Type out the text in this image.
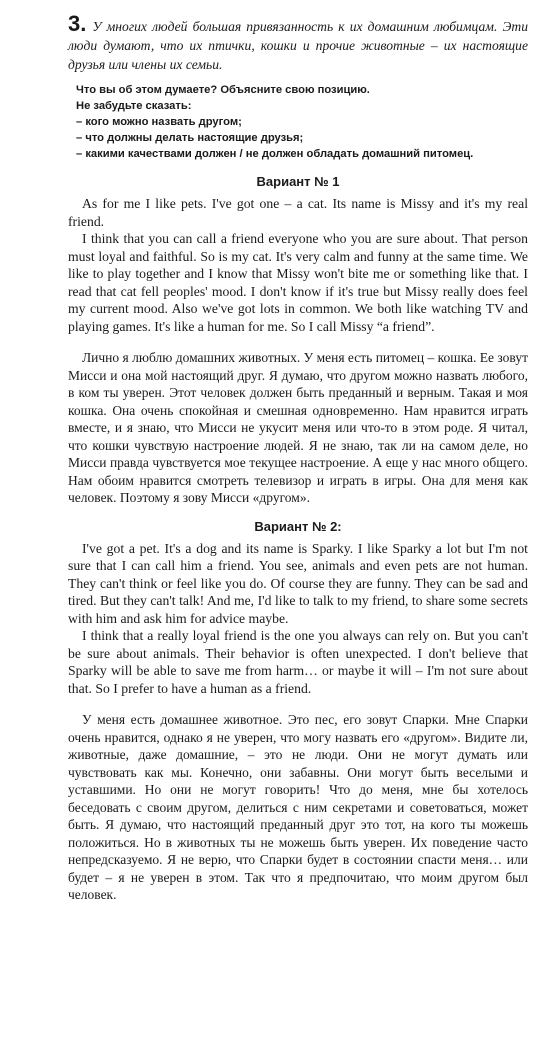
3. У многих людей большая привязанность к их домашним любимцам. Эти люди думают, что их птички, кошки и прочие животные – их настоящие друзья или члены их семьи.

Что вы об этом думаете? Объясните свою позицию.
Не забудьте сказать:
– кого можно назвать другом;
– что должны делать настоящие друзья;
– какими качествами должен / не должен обладать домашний питомец.
Вариант № 1

As for me I like pets. I've got one – a cat. Its name is Missy and it's my real friend.

I think that you can call a friend everyone who you are sure about. That person must loyal and faithful. So is my cat. It's very calm and funny at the same time. We like to play together and I know that Missy won't bite me or something like that. I read that cat fell peoples' mood. I don't know if it's true but Missy really does feel my current mood. Also we've got lots in common. We both like watching TV and playing games. It's like a human for me. So I call Missy “a friend”.

Лично я люблю домашних животных. У меня есть питомец – кошка. Ее зовут Мисси и она мой настоящий друг. Я думаю, что другом можно назвать любого, в ком ты уверен. Этот человек должен быть преданный и верным. Такая и моя кошка. Она очень спокойная и смешная одновременно. Нам нравится играть вместе, и я знаю, что Мисси не укусит меня или что-то в этом роде. Я читал, что кошки чувствую настроение людей. Я не знаю, так ли на самом деле, но Мисси правда чувствуется мое текущее настроение. А еще у нас много общего. Нам обоим нравится смотреть телевизор и играть в игры. Она для меня как человек. Поэтому я зову Мисси «другом».

Вариант № 2:

I've got a pet. It's a dog and its name is Sparky. I like Sparky a lot but I'm not sure that I can call him a friend. You see, animals and even pets are not human. They can't think or feel like you do. Of course they are funny. They can be sad and tired. But they can't talk! And me, I'd like to talk to my friend, to share some secrets with him and ask him for advice maybe.

I think that a really loyal friend is the one you always can rely on. But you can't be sure about animals. Their behavior is often unexpected. I don't believe that Sparky will be able to save me from harm… or maybe it will – I'm not sure about that. So I prefer to have a human as a friend.

У меня есть домашнее животное. Это пес, его зовут Спарки. Мне Спарки очень нравится, однако я не уверен, что могу назвать его «другом». Видите ли, животные, даже домашние, – это не люди. Они не могут думать или чувствовать как мы. Конечно, они забавны. Они могут быть веселыми и уставшими. Но они не могут говорить! Что до меня, мне бы хотелось беседовать с своим другом, делиться с ним секретами и советоваться, может быть. Я думаю, что настоящий преданный друг это тот, на кого ты можешь положиться. Но в животных ты не можешь быть уверен. Их поведение часто непредсказуемо. Я не верю, что Спарки будет в состоянии спасти меня… или будет – я не уверен в этом. Так что я предпочитаю, что моим другом был человек.
